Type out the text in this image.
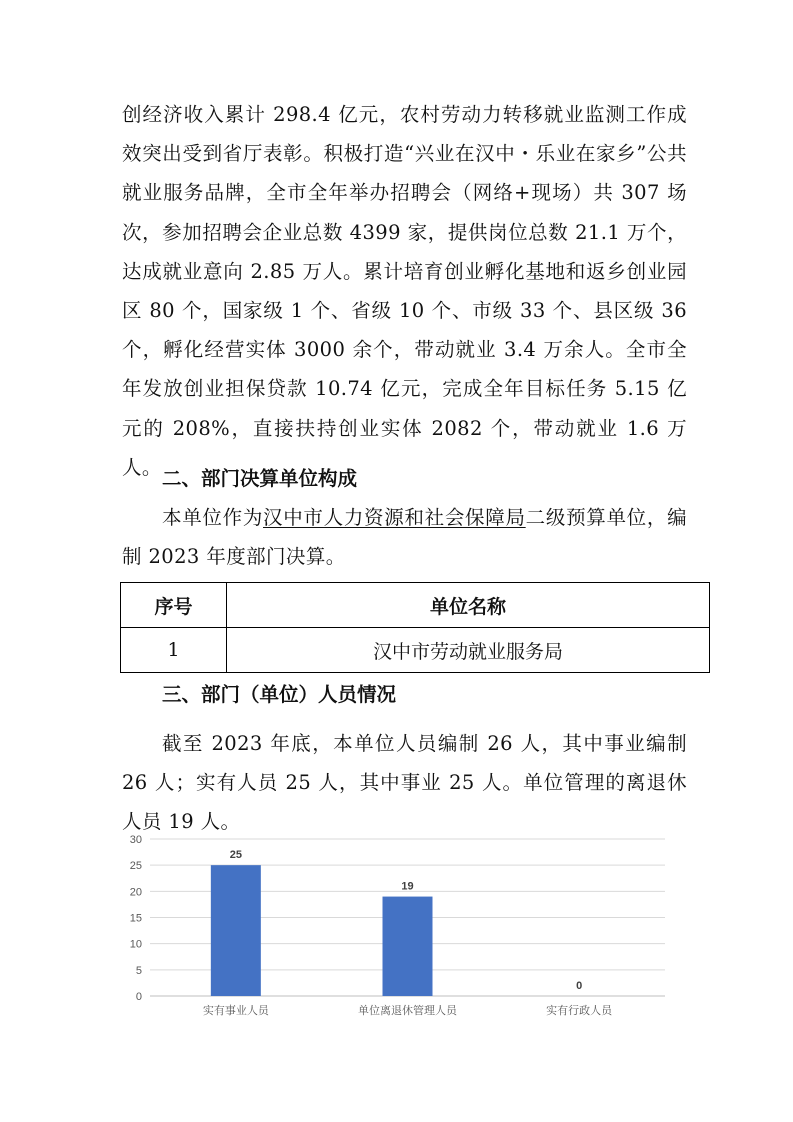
创经济收入累计 298.4 亿元，农村劳动力转移就业监测工作成效突出受到省厅表彰。积极打造“兴业在汉中・乐业在家乡”公共就业服务品牌，全市全年举办招聘会（网络+现场）共 307 场次，参加招聘会企业总数 4399 家，提供岗位总数 21.1 万个，达成就业意向 2.85 万人。累计培育创业孵化基地和返乡创业园区 80 个，国家级 1 个、省级 10 个、市级 33 个、县区级 36 个，孵化经营实体 3000 余个，带动就业 3.4 万余人。全市全年发放创业担保贷款 10.74 亿元，完成全年目标任务 5.15 亿元的 208%，直接扶持创业实体 2082 个，带动就业 1.6 万人。 二、部门决算单位构成
本单位作为汉中市人力资源和社会保障局二级预算单位，编制 2023 年度部门决算。
序号	单位名称
1	汉中市劳动就业服务局
三、部门（单位）人员情况
截至 2023 年底，本单位人员编制 26 人，其中事业编制 26 人；实有人员 25 人，其中事业 25 人。单位管理的离退休人员 19 人。
0
5
10
15
20
25
30
25
实有事业人员
19
单位离退休管理人员
0
实有行政人员
